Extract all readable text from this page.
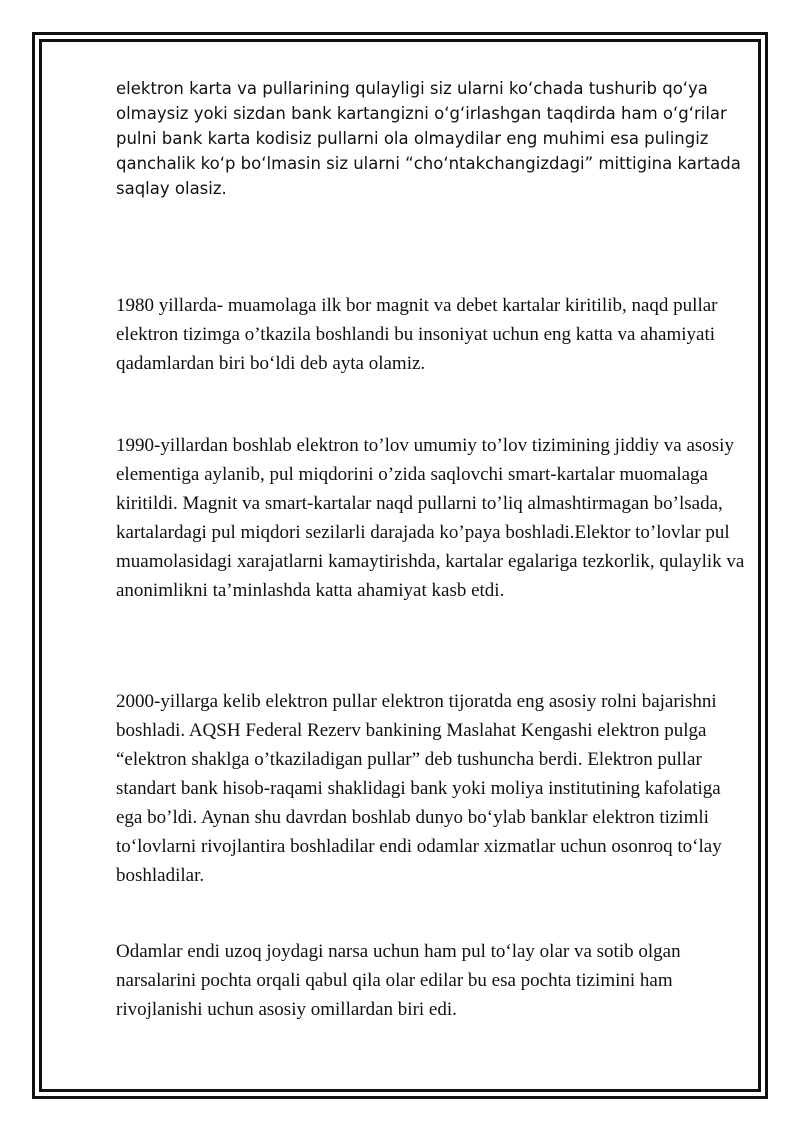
elektron karta va pullarining qulayligi siz ularni ko‘chada tushurib qo‘ya olmaysiz yoki sizdan bank kartangizni o‘g‘irlashgan taqdirda ham o‘g‘rilar pulni bank karta kodisiz pullarni ola olmaydilar eng muhimi esa pulingiz qanchalik ko‘p bo‘lmasin siz ularni “cho‘ntakchangizdagi” mittigina kartada saqlay olasiz.

1980 yillarda- muamolaga ilk bor magnit va debet kartalar kiritilib, naqd pullar elektron tizimga o’tkazila boshlandi bu insoniyat uchun eng katta va ahamiyati qadamlardan biri bo‘ldi deb ayta olamiz.

1990-yillardan boshlab elektron to’lov umumiy to’lov tizimining jiddiy va asosiy elementiga aylanib, pul miqdorini o’zida saqlovchi smart-kartalar muomalaga kiritildi. Magnit va smart-kartalar naqd pullarni to’liq almashtirmagan bo’lsada, kartalardagi pul miqdori sezilarli darajada ko’paya boshladi.Elektor to’lovlar pul muamolasidagi xarajatlarni kamaytirishda, kartalar egalariga tezkorlik, qulaylik va anonimlikni ta’minlashda katta ahamiyat kasb etdi.

2000-yillarga kelib elektron pullar elektron tijoratda eng asosiy rolni bajarishni boshladi. AQSH Federal Rezerv bankining Maslahat Kengashi elektron pulga “elektron shaklga o’tkaziladigan pullar” deb tushuncha berdi. Elektron pullar standart bank hisob-raqami shaklidagi bank yoki moliya institutining kafolatiga ega bo’ldi. Aynan shu davrdan boshlab dunyo bo‘ylab banklar elektron tizimli to‘lovlarni rivojlantira boshladilar endi odamlar xizmatlar uchun osonroq to‘lay boshladilar.

Odamlar endi uzoq joydagi narsa uchun ham pul to‘lay olar va sotib olgan narsalarini pochta orqali qabul qila olar edilar bu esa pochta tizimini ham rivojlanishi uchun asosiy omillardan biri edi.
